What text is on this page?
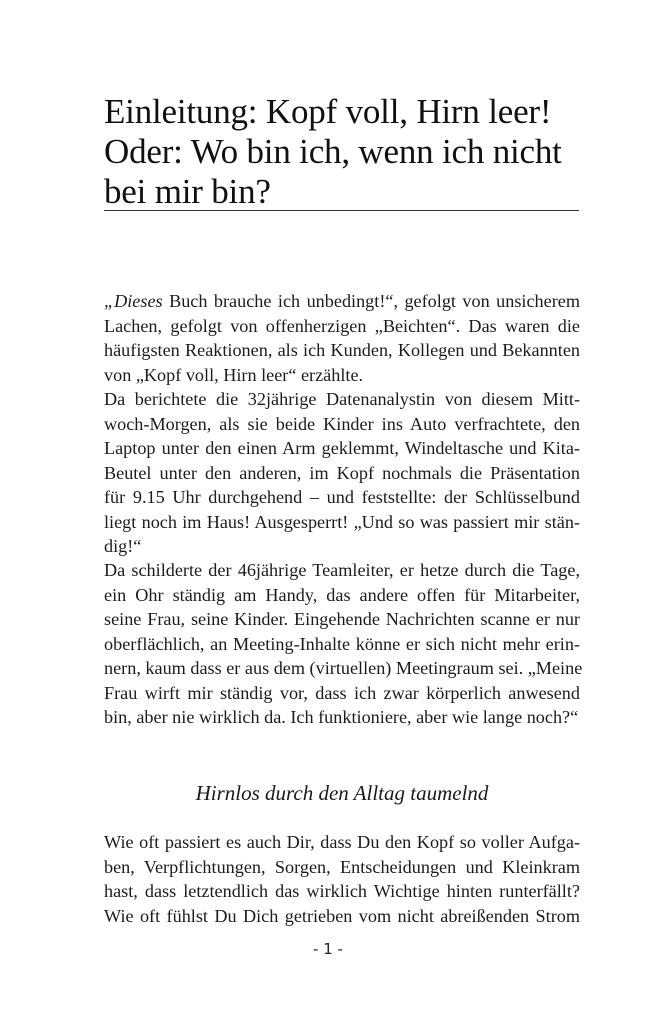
Einleitung: Kopf voll, Hirn leer!
Oder: Wo bin ich, wenn ich nicht
bei mir bin?
„Dieses Buch brauche ich unbedingt!“, gefolgt von unsicherem
Lachen, gefolgt von offenherzigen „Beichten“. Das waren die
häufigsten Reaktionen, als ich Kunden, Kollegen und Bekannten
von „Kopf voll, Hirn leer“ erzählte.
Da berichtete die 32jährige Datenanalystin von diesem Mitt-
woch-Morgen, als sie beide Kinder ins Auto verfrachtete, den
Laptop unter den einen Arm geklemmt, Windeltasche und Kita-
Beutel unter den anderen, im Kopf nochmals die Präsentation
für 9.15 Uhr durchgehend – und feststellte: der Schlüsselbund
liegt noch im Haus! Ausgesperrt! „Und so was passiert mir stän-
dig!“
Da schilderte der 46jährige Teamleiter, er hetze durch die Tage,
ein Ohr ständig am Handy, das andere offen für Mitarbeiter,
seine Frau, seine Kinder. Eingehende Nachrichten scanne er nur
oberflächlich, an Meeting-Inhalte könne er sich nicht mehr erin-
nern, kaum dass er aus dem (virtuellen) Meetingraum sei. „Meine
Frau wirft mir ständig vor, dass ich zwar körperlich anwesend
bin, aber nie wirklich da. Ich funktioniere, aber wie lange noch?“
Hirnlos durch den Alltag taumelnd
Wie oft passiert es auch Dir, dass Du den Kopf so voller Aufga-
ben, Verpflichtungen, Sorgen, Entscheidungen und Kleinkram
hast, dass letztendlich das wirklich Wichtige hinten runterfällt?
Wie oft fühlst Du Dich getrieben vom nicht abreißenden Strom
- 1 -
